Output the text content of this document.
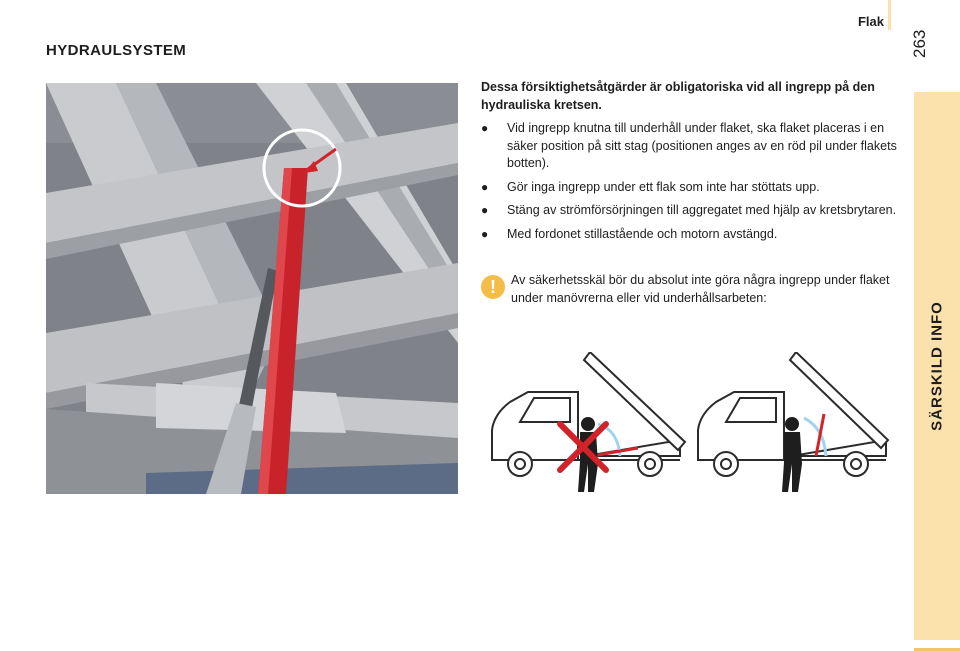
Flak
263
SÄRSKILD INFO
HYDRAULSYSTEM

Dessa försiktighetsåtgärder är obligatoriska vid all ingrepp på den hydrauliska kretsen.

● Vid ingrepp knutna till underhåll under flaket, ska flaket placeras i en säker position på sitt stag (positionen anges av en röd pil under flakets botten).
● Gör inga ingrepp under ett flak som inte har stöttats upp.
● Stäng av strömförsörjningen till aggregatet med hjälp av kretsbrytaren.
● Med fordonet stillastående och motorn avstängd.
!	Av säkerhetsskäl bör du absolut inte göra några ingrepp under flaket under manövrerna eller vid underhållsarbeten:
